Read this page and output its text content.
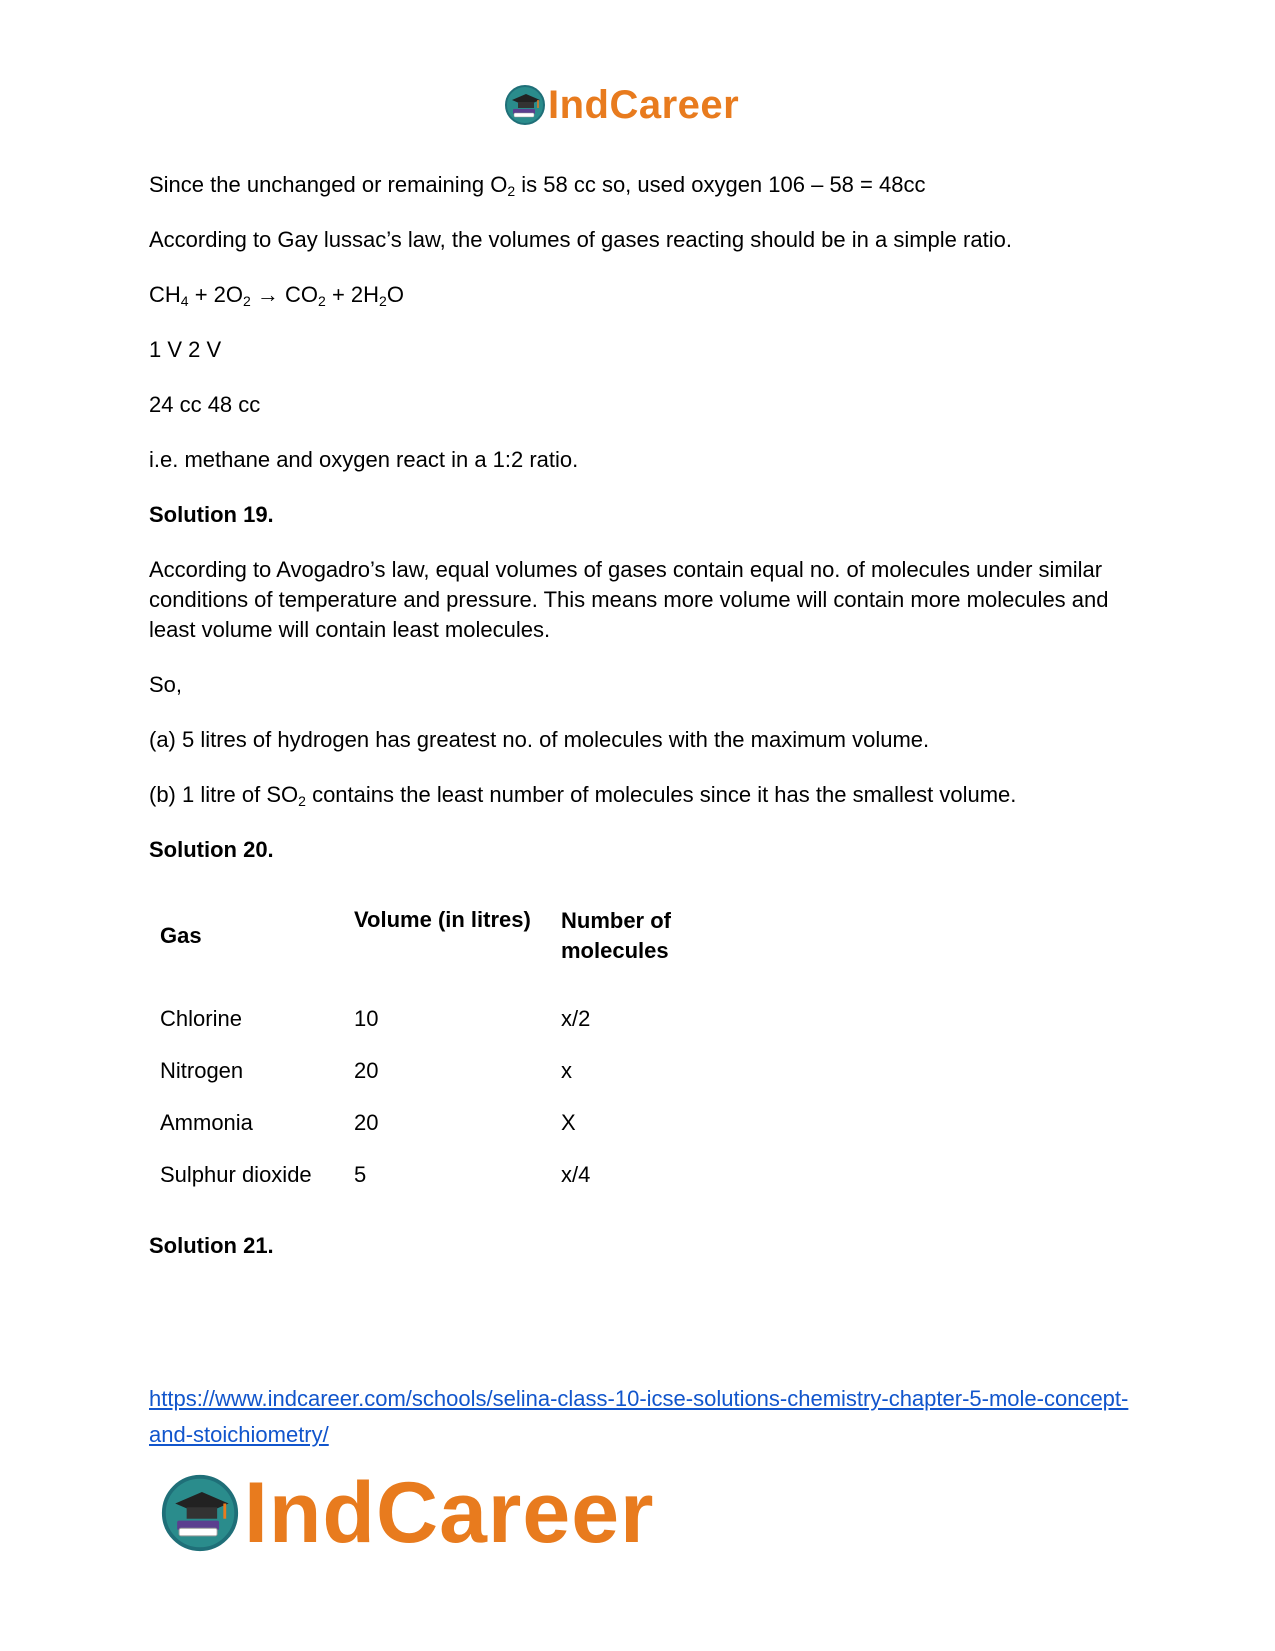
IndCareer

Since the unchanged or remaining $O_2$ is 58 cc so, used oxygen 106 – 58 = 48cc

According to Gay lussac’s law, the volumes of gases reacting should be in a simple ratio.

$CH_4 + 2O_2 \to CO_2 + 2H_2O$

1 V 2 V

24 cc 48 cc

i.e. methane and oxygen react in a 1:2 ratio.

Solution 19.

According to Avogadro’s law, equal volumes of gases contain equal no. of molecules under similar conditions of temperature and pressure. This means more volume will contain more molecules and least volume will contain least molecules.

So,

(a) 5 litres of hydrogen has greatest no. of molecules with the maximum volume.

(b) 1 litre of $SO_2$ contains the least number of molecules since it has the smallest volume.

Solution 20.

Gas	Volume (in litres)	Number of molecules

Chlorine	10	x/2
Nitrogen	20	x
Ammonia	20	X
Sulphur dioxide	5	x/4
Solution 21.
https://www.indcareer.com/schools/selina-class-10-icse-solutions-chemistry-chapter-5-mole-concept-and-stoichiometry/
IndCareer
